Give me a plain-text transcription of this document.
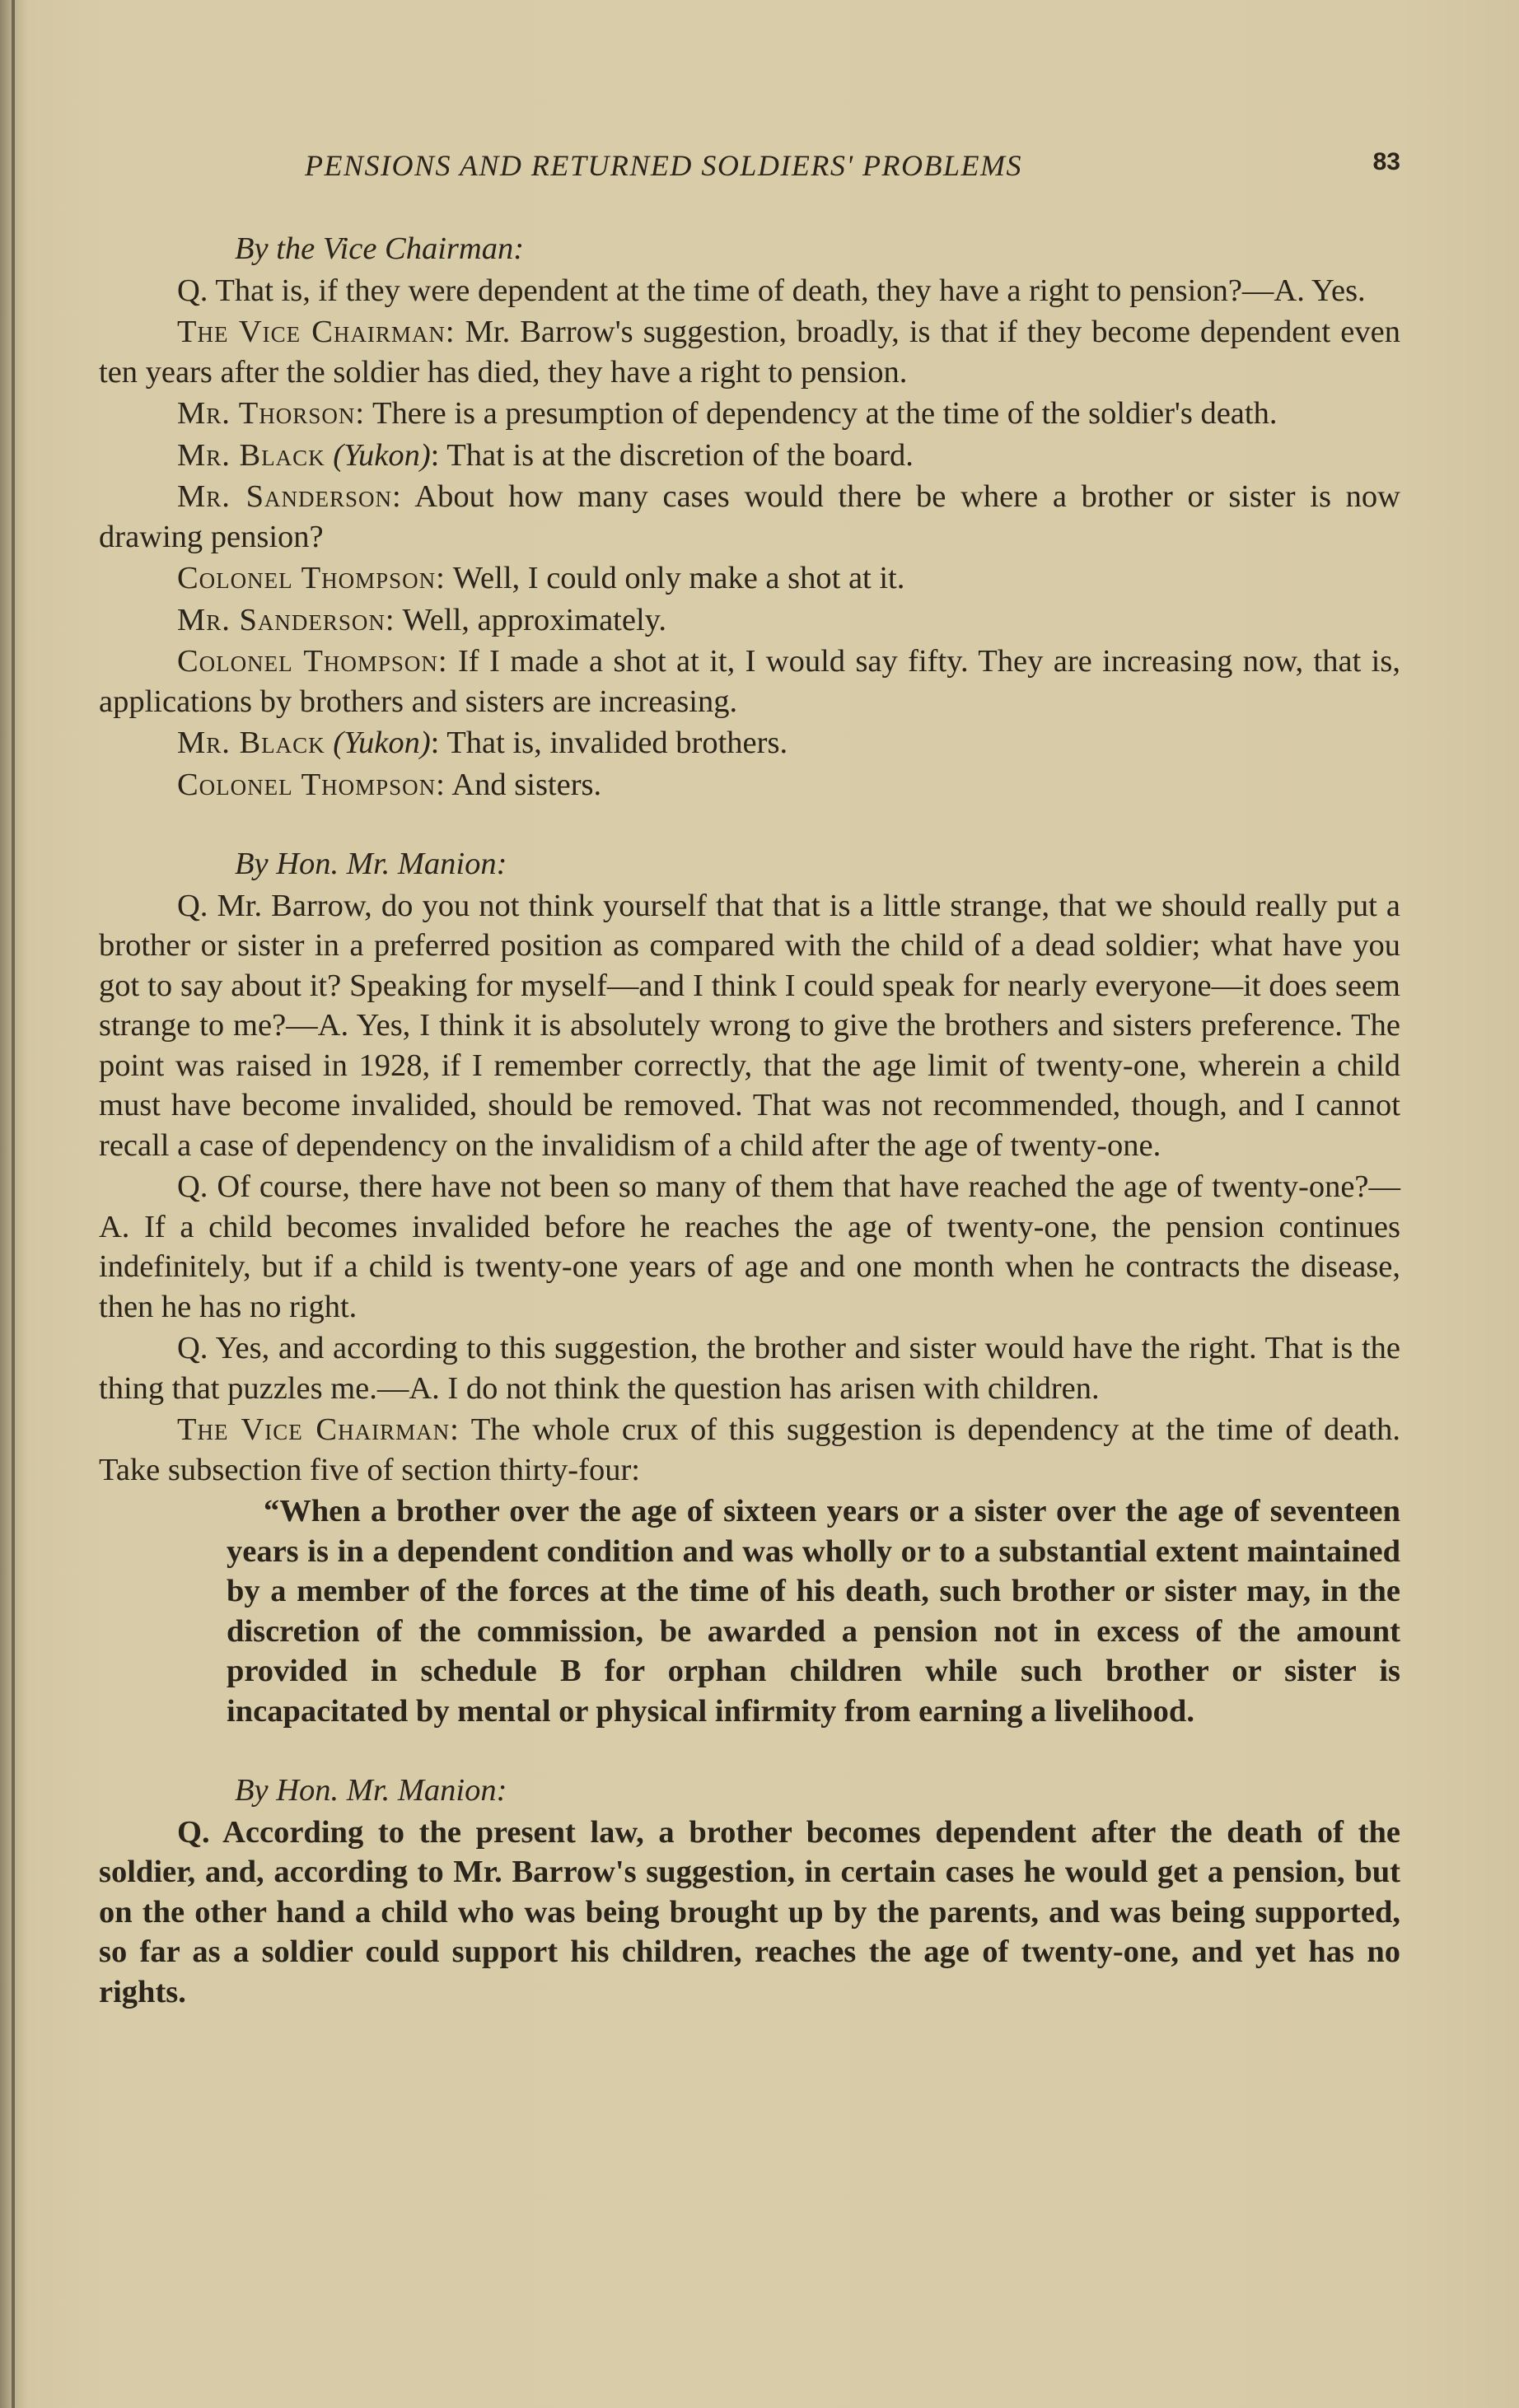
PENSIONS AND RETURNED SOLDIERS' PROBLEMS	83

By the Vice Chairman:

Q. That is, if they were dependent at the time of death, they have a right to pension?—A. Yes.

The Vice Chairman: Mr. Barrow's suggestion, broadly, is that if they become dependent even ten years after the soldier has died, they have a right to pension.

Mr. Thorson: There is a presumption of dependency at the time of the soldier's death.

Mr. Black (Yukon): That is at the discretion of the board.

Mr. Sanderson: About how many cases would there be where a brother or sister is now drawing pension?

Colonel Thompson: Well, I could only make a shot at it.

Mr. Sanderson: Well, approximately.

Colonel Thompson: If I made a shot at it, I would say fifty. They are increasing now, that is, applications by brothers and sisters are increasing.

Mr. Black (Yukon): That is, invalided brothers.

Colonel Thompson: And sisters.

By Hon. Mr. Manion:

Q. Mr. Barrow, do you not think yourself that that is a little strange, that we should really put a brother or sister in a preferred position as compared with the child of a dead soldier; what have you got to say about it? Speaking for myself—and I think I could speak for nearly everyone—it does seem strange to me?—A. Yes, I think it is absolutely wrong to give the brothers and sisters preference. The point was raised in 1928, if I remember correctly, that the age limit of twenty-one, wherein a child must have become invalided, should be removed. That was not recommended, though, and I cannot recall a case of dependency on the invalidism of a child after the age of twenty-one.

Q. Of course, there have not been so many of them that have reached the age of twenty-one?—A. If a child becomes invalided before he reaches the age of twenty-one, the pension continues indefinitely, but if a child is twenty-one years of age and one month when he contracts the disease, then he has no right.

Q. Yes, and according to this suggestion, the brother and sister would have the right. That is the thing that puzzles me.—A. I do not think the question has arisen with children.

The Vice Chairman: The whole crux of this suggestion is dependency at the time of death. Take subsection five of section thirty-four:

“When a brother over the age of sixteen years or a sister over the age of seventeen years is in a dependent condition and was wholly or to a substantial extent maintained by a member of the forces at the time of his death, such brother or sister may, in the discretion of the commission, be awarded a pension not in excess of the amount provided in schedule B for orphan children while such brother or sister is incapacitated by mental or physical infirmity from earning a livelihood.

By Hon. Mr. Manion:

Q. According to the present law, a brother becomes dependent after the death of the soldier, and, according to Mr. Barrow's suggestion, in certain cases he would get a pension, but on the other hand a child who was being brought up by the parents, and was being supported, so far as a soldier could support his children, reaches the age of twenty-one, and yet has no rights.
